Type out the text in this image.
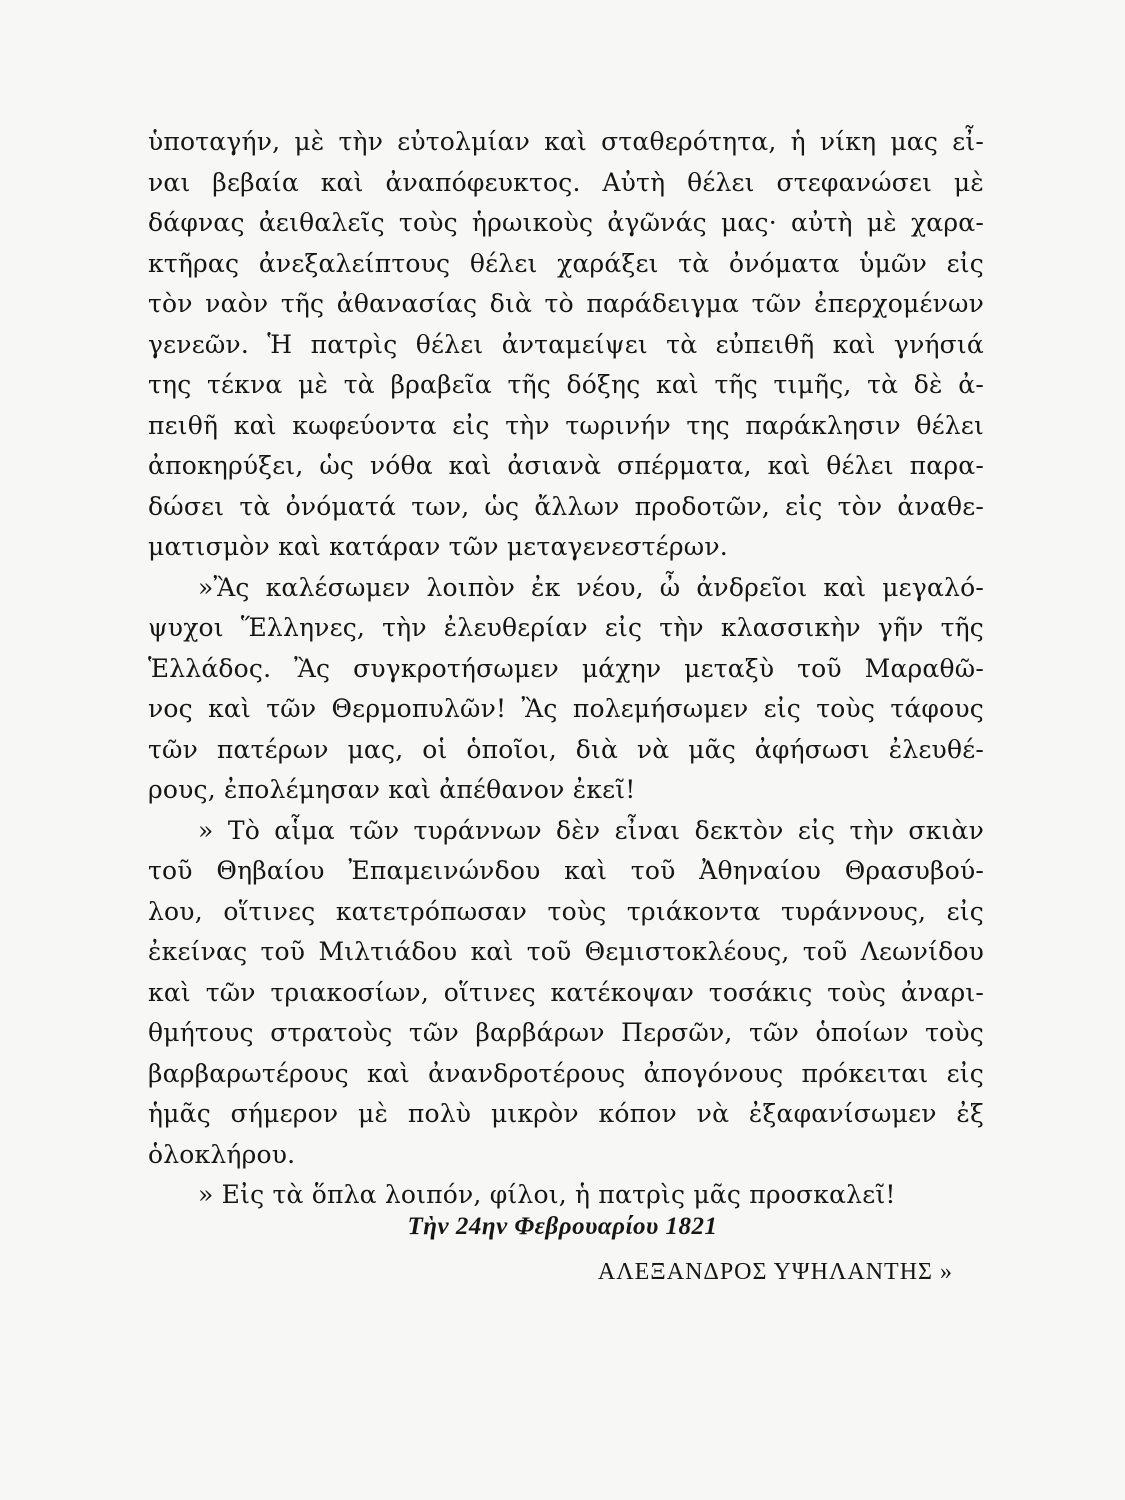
ὑποταγήν, μὲ τὴν εὐτολμίαν καὶ σταθερότητα, ἡ νίκη μας εἶ-
ναι βεβαία καὶ ἀναπόφευκτος. Αὐτὴ θέλει στεφανώσει μὲ
δάφνας ἀειθαλεῖς τοὺς ἡρωικοὺς ἀγῶνάς μας· αὐτὴ μὲ χαρα-
κτῆρας ἀνεξαλείπτους θέλει χαράξει τὰ ὀνόματα ὑμῶν εἰς
τὸν ναὸν τῆς ἀθανασίας διὰ τὸ παράδειγμα τῶν ἐπερχομένων
γενεῶν. Ἡ πατρὶς θέλει ἀνταμείψει τὰ εὐπειθῆ καὶ γνήσιά
της τέκνα μὲ τὰ βραβεῖα τῆς δόξης καὶ τῆς τιμῆς, τὰ δὲ ἀ-
πειθῆ καὶ κωφεύοντα εἰς τὴν τωρινήν της παράκλησιν θέλει
ἀποκηρύξει, ὡς νόθα καὶ ἀσιανὰ σπέρματα, καὶ θέλει παρα-
δώσει τὰ ὀνόματά των, ὡς ἄλλων προδοτῶν, εἰς τὸν ἀναθε-
ματισμὸν καὶ κατάραν τῶν μεταγενεστέρων.
»Ἂς καλέσωμεν λοιπὸν ἐκ νέου, ὦ ἀνδρεῖοι καὶ μεγαλό-
ψυχοι Ἕλληνες, τὴν ἐλευθερίαν εἰς τὴν κλασσικὴν γῆν τῆς
Ἑλλάδος. Ἂς συγκροτήσωμεν μάχην μεταξὺ τοῦ Μαραθῶ-
νος καὶ τῶν Θερμοπυλῶν! Ἂς πολεμήσωμεν εἰς τοὺς τάφους
τῶν πατέρων μας, οἱ ὁποῖοι, διὰ νὰ μᾶς ἀφήσωσι ἐλευθέ-
ρους, ἐπολέμησαν καὶ ἀπέθανον ἐκεῖ!
» Τὸ αἷμα τῶν τυράννων δὲν εἶναι δεκτὸν εἰς τὴν σκιὰν
τοῦ Θηβαίου Ἐπαμεινώνδου καὶ τοῦ Ἀθηναίου Θρασυβού-
λου, οἵτινες κατετρόπωσαν τοὺς τριάκοντα τυράννους, εἰς
ἐκείνας τοῦ Μιλτιάδου καὶ τοῦ Θεμιστοκλέους, τοῦ Λεωνίδου
καὶ τῶν τριακοσίων, οἵτινες κατέκοψαν τοσάκις τοὺς ἀναρι-
θμήτους στρατοὺς τῶν βαρβάρων Περσῶν, τῶν ὁποίων τοὺς
βαρβαρωτέρους καὶ ἀνανδροτέρους ἀπογόνους πρόκειται εἰς
ἡμᾶς σήμερον μὲ πολὺ μικρὸν κόπον νὰ ἐξαφανίσωμεν ἐξ
ὁλοκλήρου.
» Εἰς τὰ ὅπλα λοιπόν, φίλοι, ἡ πατρὶς μᾶς προσκαλεῖ!
Τὴν 24ην Φεβρουαρίου 1821
ΑΛΕΞΑΝΔΡΟΣ ΥΨΗΛΑΝΤΗΣ »
